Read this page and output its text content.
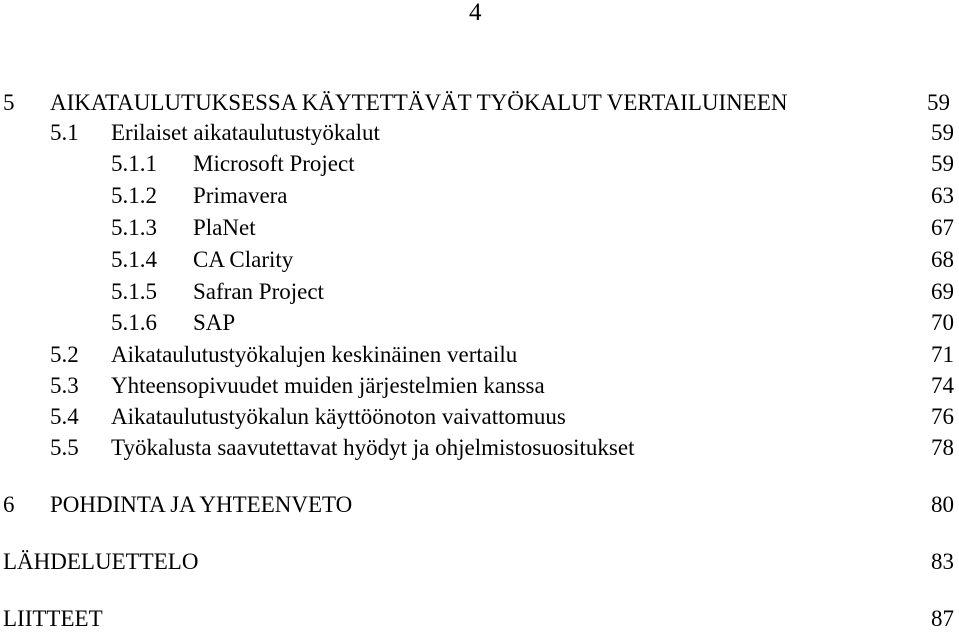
4
5 AIKATAULUTUKSESSA KÄYTETTÄVÄT TYÖKALUT VERTAILUINEEN	59
5.1 Erilaiset aikataulutustyökalut	59
5.1.1 Microsoft Project	59
5.1.2 Primavera	63
5.1.3 PlaNet	67
5.1.4 CA Clarity	68
5.1.5 Safran Project	69
5.1.6 SAP	70
5.2 Aikataulutustyökalujen keskinäinen vertailu	71
5.3 Yhteensopivuudet muiden järjestelmien kanssa	74
5.4 Aikataulutustyökalun käyttöönoton vaivattomuus	76
5.5 Työkalusta saavutettavat hyödyt ja ohjelmistosuositukset	78
6 POHDINTA JA YHTEENVETO	80
LÄHDELUETTELO	83
LIITTEET	87
